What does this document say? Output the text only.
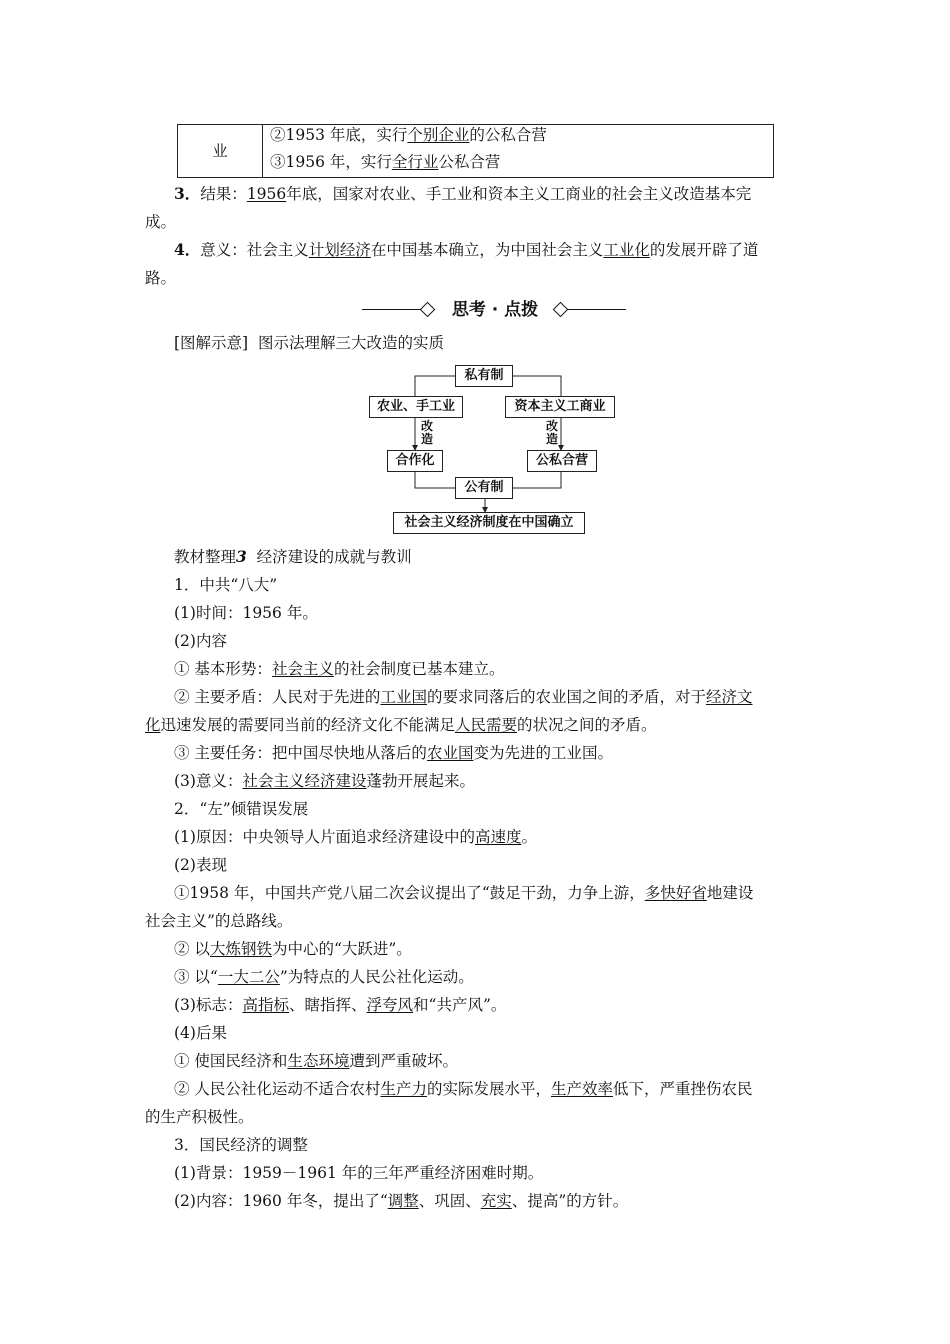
业
②1953 年底，实行个别企业的公私合营
③1956 年，实行全行业公私合营
3．结果：1956年底，国家对农业、手工业和资本主义工商业的社会主义改造基本完
成。
4．意义：社会主义计划经济在中国基本确立，为中国社会主义工业化的发展开辟了道
路。
思考 · 点拨
[图解示意] 图示法理解三大改造的实质
私有制
农业、手工业	资本主义工商业
改
造
改
造
合作化	公私合营
公有制
社会主义经济制度在中国确立
教材整理3 经济建设的成就与教训
1．中共“八大”
(1)时间：1956 年。
(2)内容
① 基本形势：社会主义的社会制度已基本建立。
② 主要矛盾：人民对于先进的工业国的要求同落后的农业国之间的矛盾，对于经济文
化迅速发展的需要同当前的经济文化不能满足人民需要的状况之间的矛盾。
③ 主要任务：把中国尽快地从落后的农业国变为先进的工业国。
(3)意义：社会主义经济建设蓬勃开展起来。
2．“左”倾错误发展
(1)原因：中央领导人片面追求经济建设中的高速度。
(2)表现
①1958 年，中国共产党八届二次会议提出了“鼓足干劲，力争上游，多快好省地建设
社会主义”的总路线。
② 以大炼钢铁为中心的“大跃进”。
③ 以“一大二公”为特点的人民公社化运动。
(3)标志：高指标、瞎指挥、浮夸风和“共产风”。
(4)后果
① 使国民经济和生态环境遭到严重破坏。
② 人民公社化运动不适合农村生产力的实际发展水平，生产效率低下，严重挫伤农民
的生产积极性。
3．国民经济的调整
(1)背景：1959－1961 年的三年严重经济困难时期。
(2)内容：1960 年冬，提出了“调整、巩固、充实、提高”的方针。
